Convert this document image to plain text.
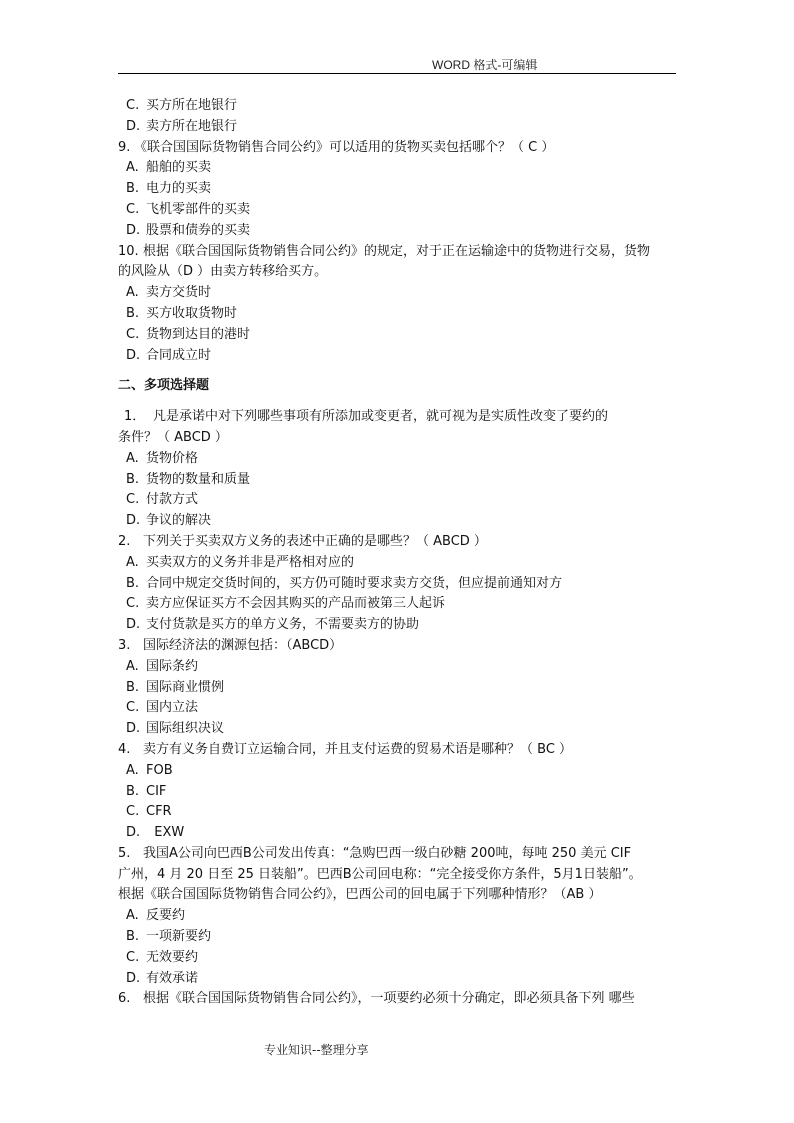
WORD 格式-可编辑
C. 买方所在地银行
D. 卖方所在地银行
9. 《联合国国际货物销售合同公约》可以适用的货物买卖包括哪个？（ C ）
A. 船舶的买卖
B. 电力的买卖
C. 飞机零部件的买卖
D. 股票和债券的买卖
10. 根据《联合国国际货物销售合同公约》的规定，对于正在运输途中的货物进行交易，货物
的风险从（D ）由卖方转移给买方。
A. 卖方交货时
B. 买方收取货物时
C. 货物到达目的港时
D. 合同成立时
二、多项选择题
1． 凡是承诺中对下列哪些事项有所添加或变更者，就可视为是实质性改变了要约的
条件？（ ABCD ）
A. 货物价格
B. 货物的数量和质量
C. 付款方式
D. 争议的解决
2. 下列关于买卖双方义务的表述中正确的是哪些？（ ABCD ）
A. 买卖双方的义务并非是严格相对应的
B. 合同中规定交货时间的，买方仍可随时要求卖方交货，但应提前通知对方
C. 卖方应保证买方不会因其购买的产品而被第三人起诉
D. 支付货款是买方的单方义务，不需要卖方的协助
3. 国际经济法的渊源包括：（ABCD）
A. 国际条约
B. 国际商业惯例
C. 国内立法
D. 国际组织决议
4. 卖方有义务自费订立运输合同，并且支付运费的贸易术语是哪种？（ BC ）
A. FOB
B. CIF
C. CFR
D.  EXW
5. 我国A公司向巴西B公司发出传真：“急购巴西一级白砂糖 200吨，每吨 250 美元 CIF
广州，4 月 20 日至 25 日装船”。巴西B公司回电称：“完全接受你方条件，5月1日装船”。
根据《联合国国际货物销售合同公约》，巴西公司的回电属于下列哪种情形？（AB ）
A. 反要约
B. 一项新要约
C. 无效要约
D. 有效承诺
6. 根据《联合国国际货物销售合同公约》，一项要约必须十分确定，即必须具备下列 哪些
专业知识--整理分享
